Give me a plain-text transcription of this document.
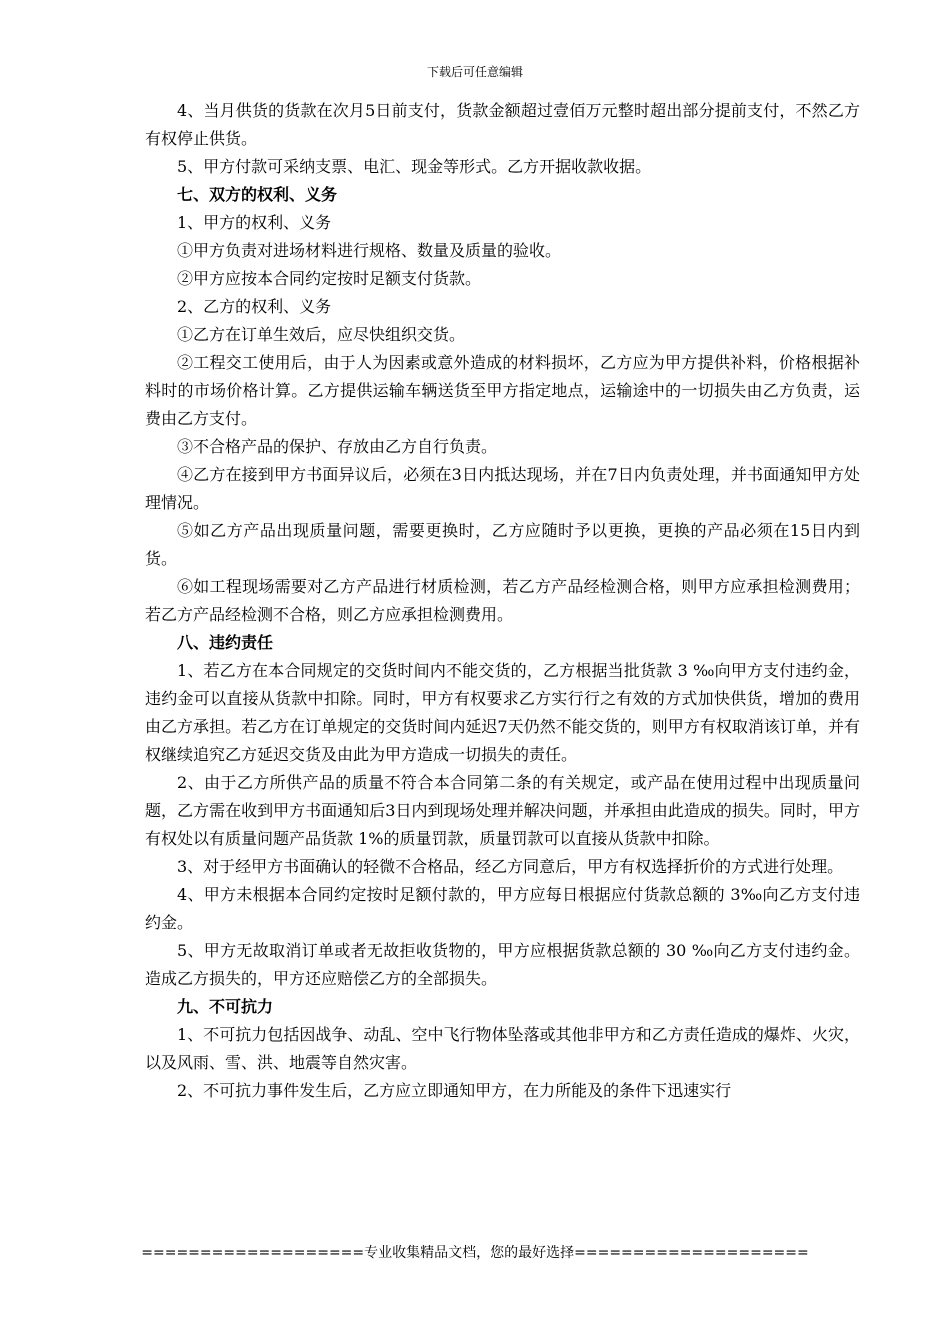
下载后可任意编辑

4、当月供货的货款在次月5日前支付，货款金额超过壹佰万元整时超出部分提前支付，不然乙方有权停止供货。

5、甲方付款可采纳支票、电汇、现金等形式。乙方开据收款收据。

七、双方的权利、义务

1、甲方的权利、义务

①甲方负责对进场材料进行规格、数量及质量的验收。

②甲方应按本合同约定按时足额支付货款。

2、乙方的权利、义务

①乙方在订单生效后，应尽快组织交货。

②工程交工使用后，由于人为因素或意外造成的材料损坏，乙方应为甲方提供补料，价格根据补料时的市场价格计算。乙方提供运输车辆送货至甲方指定地点，运输途中的一切损失由乙方负责，运费由乙方支付。

③不合格产品的保护、存放由乙方自行负责。

④乙方在接到甲方书面异议后，必须在3日内抵达现场，并在7日内负责处理，并书面通知甲方处理情况。

⑤如乙方产品出现质量问题，需要更换时，乙方应随时予以更换，更换的产品必须在15日内到货。

⑥如工程现场需要对乙方产品进行材质检测，若乙方产品经检测合格，则甲方应承担检测费用；若乙方产品经检测不合格，则乙方应承担检测费用。

八、违约责任

1、若乙方在本合同规定的交货时间内不能交货的，乙方根据当批货款 3 ‰向甲方支付违约金，违约金可以直接从货款中扣除。同时，甲方有权要求乙方实行行之有效的方式加快供货，增加的费用由乙方承担。若乙方在订单规定的交货时间内延迟7天仍然不能交货的，则甲方有权取消该订单，并有权继续追究乙方延迟交货及由此为甲方造成一切损失的责任。

2、由于乙方所供产品的质量不符合本合同第二条的有关规定，或产品在使用过程中出现质量问题，乙方需在收到甲方书面通知后3日内到现场处理并解决问题，并承担由此造成的损失。同时，甲方有权处以有质量问题产品货款 1%的质量罚款，质量罚款可以直接从货款中扣除。

3、对于经甲方书面确认的轻微不合格品，经乙方同意后，甲方有权选择折价的方式进行处理。

4、甲方未根据本合同约定按时足额付款的，甲方应每日根据应付货款总额的 3‰向乙方支付违约金。

5、甲方无故取消订单或者无故拒收货物的，甲方应根据货款总额的 30 ‰向乙方支付违约金。造成乙方损失的，甲方还应赔偿乙方的全部损失。

九、不可抗力

1、不可抗力包括因战争、动乱、空中飞行物体坠落或其他非甲方和乙方责任造成的爆炸、火灾，以及风雨、雪、洪、地震等自然灾害。

2、不可抗力事件发生后，乙方应立即通知甲方，在力所能及的条件下迅速实行

===================专业收集精品文档，您的最好选择====================
